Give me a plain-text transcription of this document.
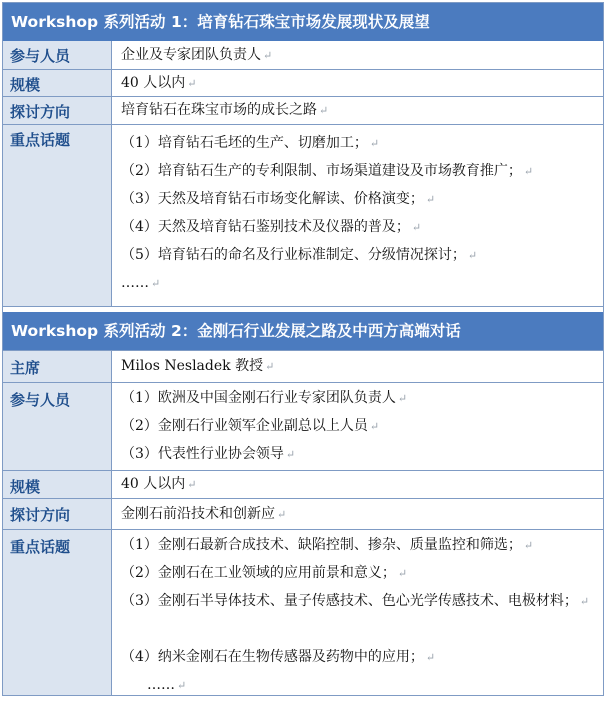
Workshop 系列活动 1：培育钻石珠宝市场发展现状及展望
参与人员	企业及专家团队负责人 ↵
规模	40 人以内 ↵
探讨方向	培育钻石在珠宝市场的成长之路 ↵
重点话题	（1）培育钻石毛坯的生产、切磨加工； ↵
（2）培育钻石生产的专利限制、市场渠道建设及市场教育推广； ↵
（3）天然及培育钻石市场变化解读、价格演变； ↵
（4）天然及培育钻石鉴别技术及仪器的普及； ↵
（5）培育钻石的命名及行业标准制定、分级情况探讨； ↵
…… ↵
Workshop 系列活动 2：金刚石行业发展之路及中西方高端对话
主席	Milos Nesladek 教授 ↵
参与人员	（1）欧洲及中国金刚石行业专家团队负责人 ↵
（2）金刚石行业领军企业副总以上人员 ↵
（3）代表性行业协会领导 ↵
规模	40 人以内 ↵
探讨方向	金刚石前沿技术和创新应 ↵
重点话题	（1）金刚石最新合成技术、缺陷控制、掺杂、质量监控和筛选； ↵
（2）金刚石在工业领域的应用前景和意义； ↵
（3）金刚石半导体技术、量子传感技术、色心光学传感技术、电极材料； ↵
（4）纳米金刚石在生物传感器及药物中的应用； ↵
…… ↵
